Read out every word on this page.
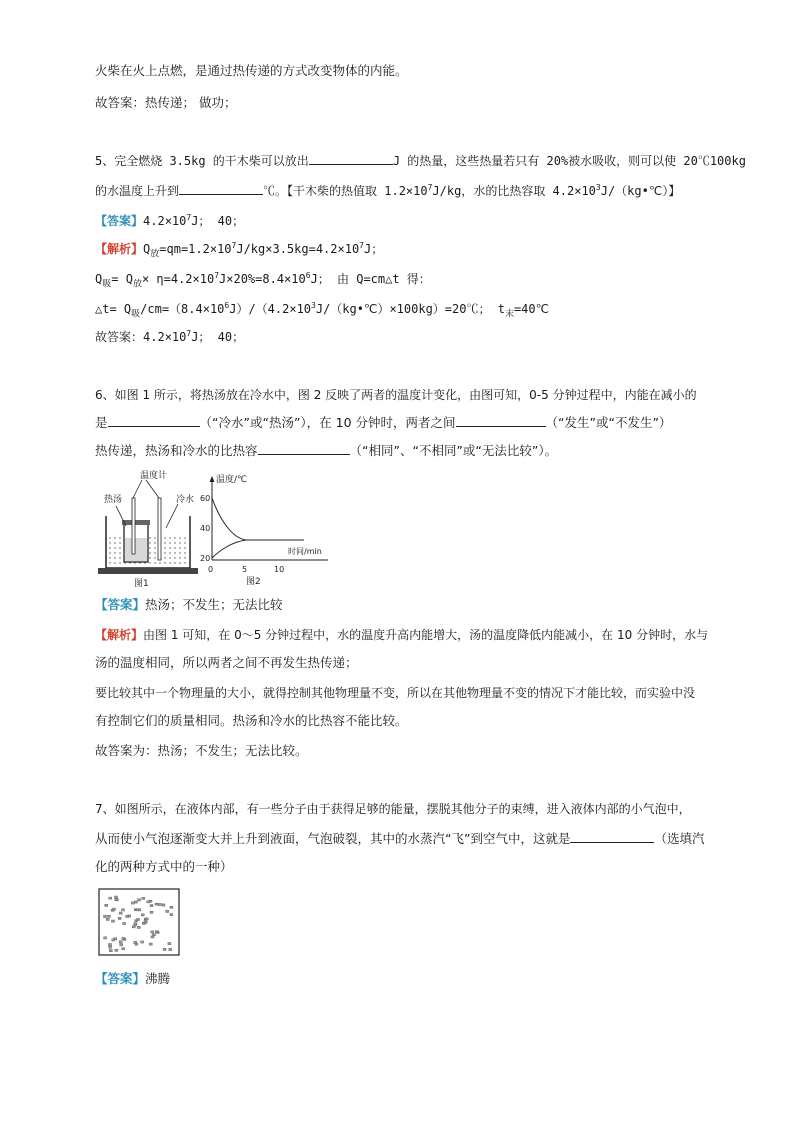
火柴在火上点燃，是通过热传递的方式改变物体的内能。
故答案：热传递； 做功；
5、完全燃烧 3.5kg 的干木柴可以放出	J 的热量，这些热量若只有 20%被水吸收，则可以使 20℃100kg
的水温度上升到	℃。【干木柴的热值取 $1.2\times 10^7J/kg$，水的比热容取 $4.2\times 10^3J/(kg•℃)$】
【答案】$4.2\times 10^7J$； 40；
【解析】$Q_放=qm=1.2\times 10^7J/kg\times 3.5kg=4.2\times 10^7J$；
$Q_吸= Q_放\times \eta=4.2\times 10^7J\times 20\%=8.4\times 10^6J$； 由 Q=cm△t 得：
△t= $Q_吸/cm=(8.4\times 10^6J)/(4.2\times 10^3J/(kg•℃)\times 100kg)=20℃$； $t_末=40℃$
故答案：$4.2\times 10^7J$； 40；
6、如图 1 所示，将热汤放在冷水中，图 2 反映了两者的温度计变化，由图可知，0-5 分钟过程中，内能在减小的
是	（“冷水”或“热汤”），在 10 分钟时，两者之间	（“发生”或“不发生”）
热传递，热汤和冷水的比热容	（“相同”、“不相同”或“无法比较”）。
温度计
热汤	冷水
图1
温度/℃
时间/min
60
40
20
0	5	10
图2
【答案】热汤；不发生；无法比较
【解析】由图 1 可知，在 0～5 分钟过程中，水的温度升高内能增大，汤的温度降低内能减小，在 10 分钟时，水与
汤的温度相同，所以两者之间不再发生热传递；
要比较其中一个物理量的大小，就得控制其他物理量不变，所以在其他物理量不变的情况下才能比较，而实验中没
有控制它们的质量相同。热汤和冷水的比热容不能比较。
故答案为：热汤；不发生；无法比较。
7、如图所示，在液体内部，有一些分子由于获得足够的能量，摆脱其他分子的束缚，进入液体内部的小气泡中，
从而使小气泡逐渐变大并上升到液面，气泡破裂，其中的水蒸汽“飞”到空气中，这就是	（选填汽
化的两种方式中的一种）
【答案】沸腾
